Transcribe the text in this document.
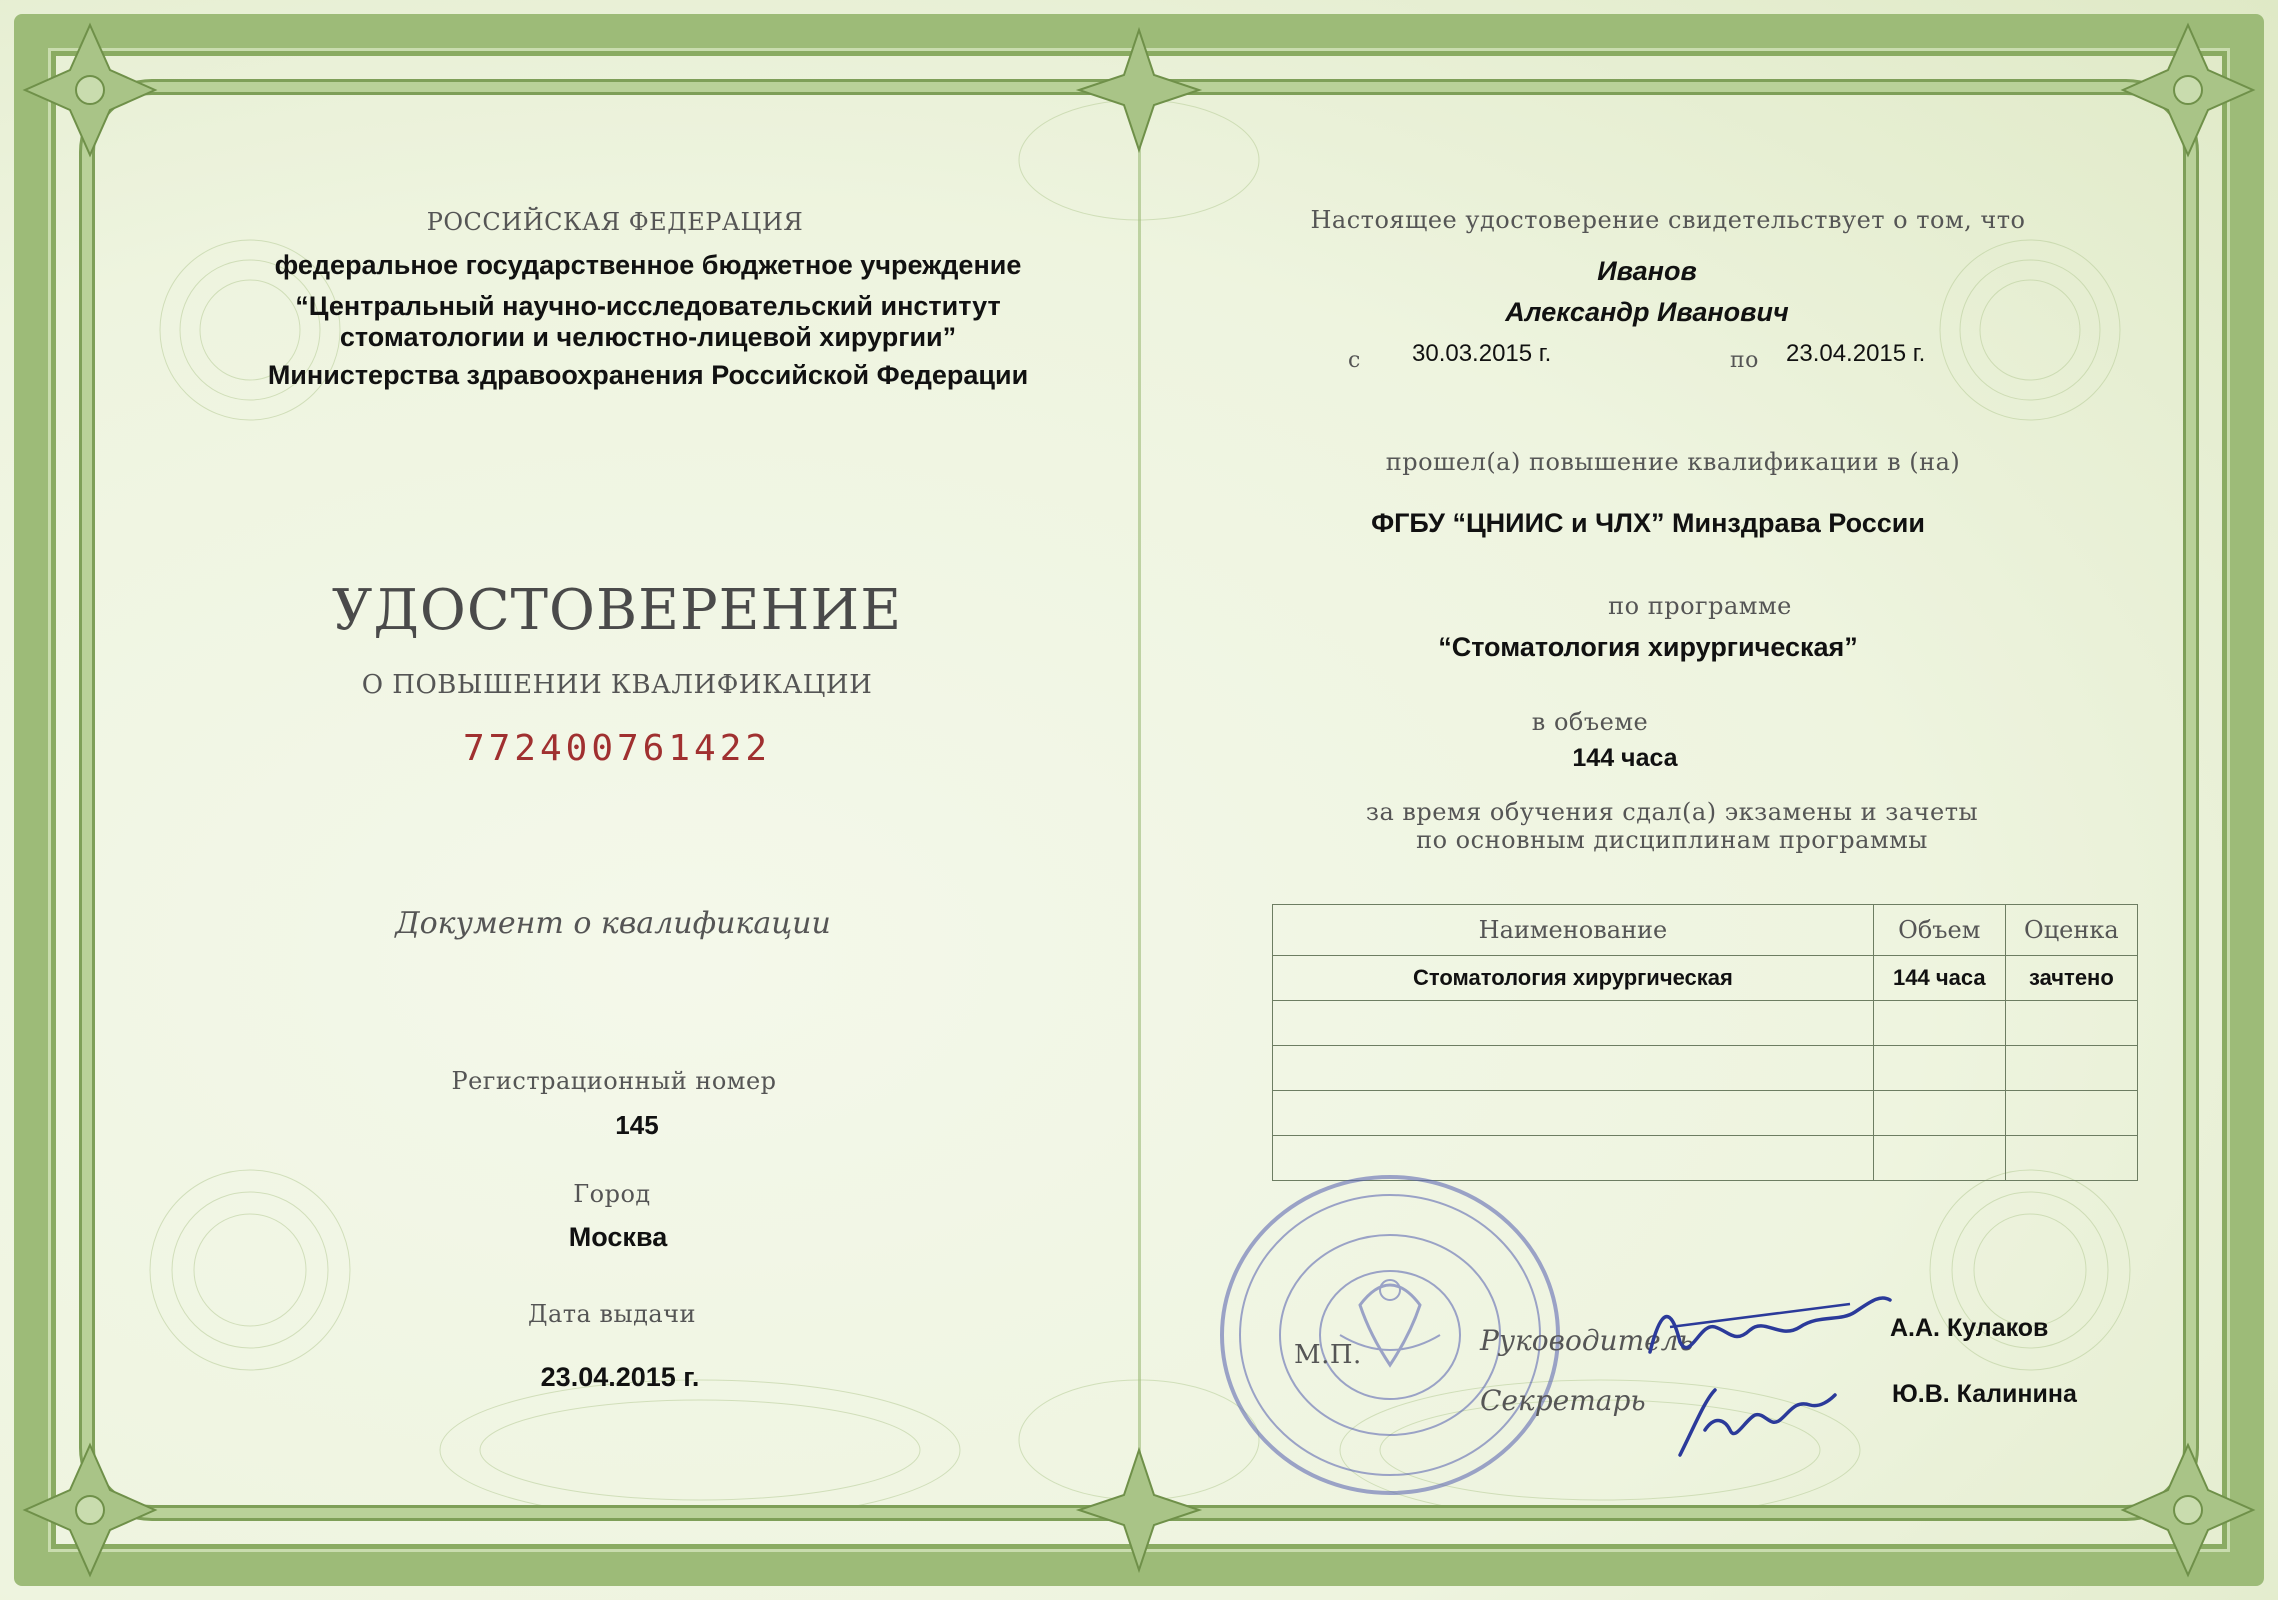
РОССИЙСКАЯ ФЕДЕРАЦИЯ
федеральное государственное бюджетное учреждение
“Центральный научно-исследовательский институт
стоматологии и челюстно-лицевой хирургии”
Министерства здравоохранения Российской Федерации
УДОСТОВЕРЕНИЕ
О ПОВЫШЕНИИ КВАЛИФИКАЦИИ
772400761422
Документ о квалификации
Регистрационный номер
145
Город
Москва
Дата выдачи
23.04.2015 г.
Настоящее удостоверение свидетельствует о том, что
Иванов
Александр Иванович
с 30.03.2015 г.	по 23.04.2015 г.
прошел(а) повышение квалификации в (на)
ФГБУ “ЦНИИС и ЧЛХ” Минздрава России
по программе
“Стоматология хирургическая”
в объеме
144 часа
за время обучения сдал(а) экзамены и зачеты
по основным дисциплинам программы
Наименование	Объем	Оценка
Стоматология хирургическая	144 часа	зачтено

М.П.	Руководитель	А.А. Кулаков
Секретарь	Ю.В. Калинина
